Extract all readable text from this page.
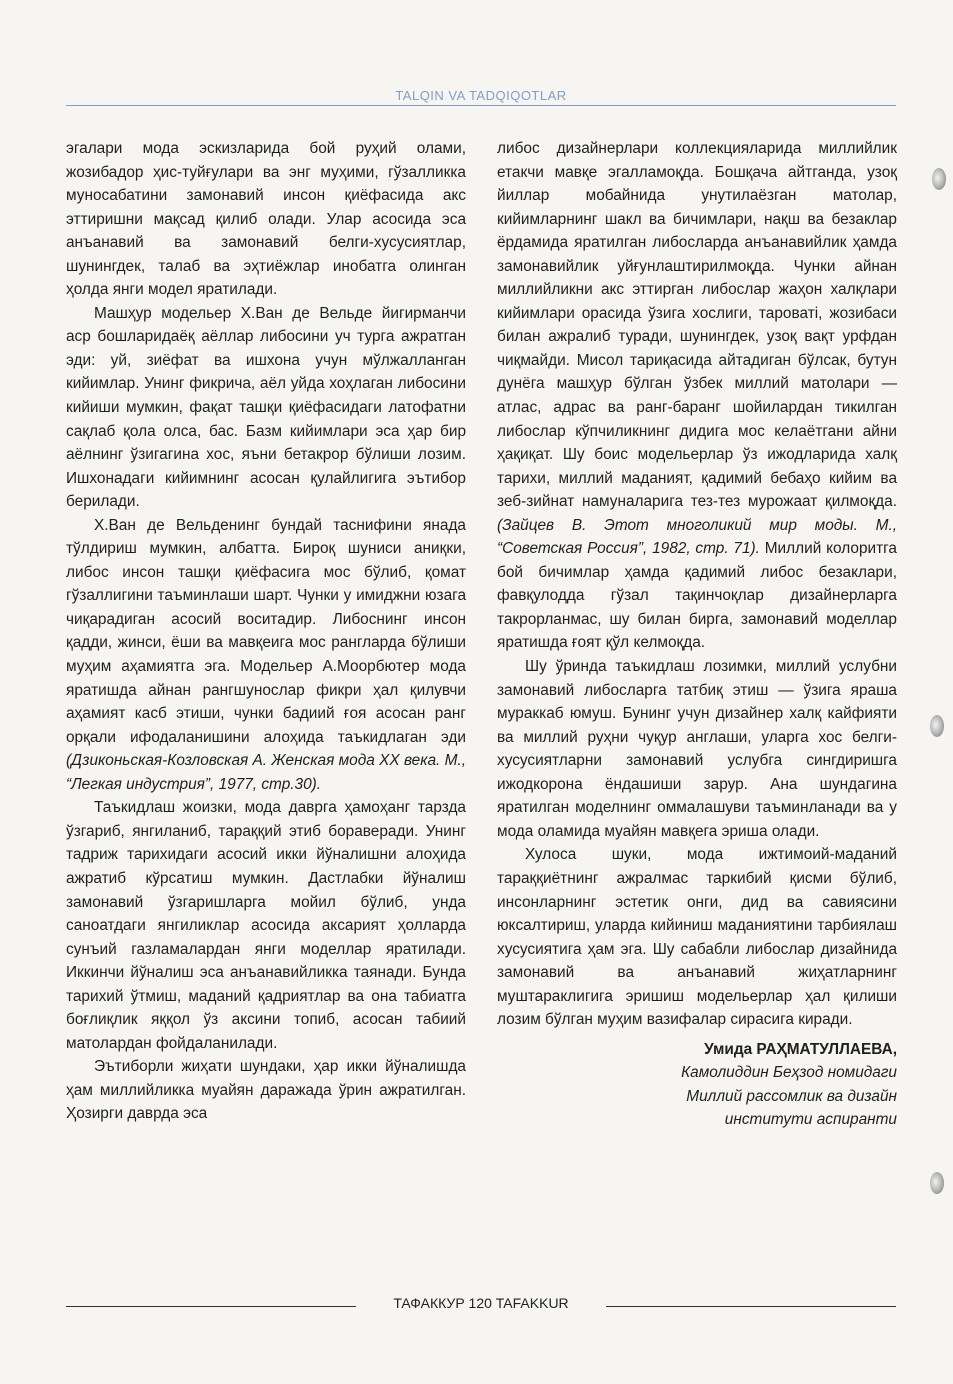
TALQIN VA TADQIQOTLAR

эгалари мода эскизларида бой руҳий олами, жозибадор ҳис-туйғулари ва энг муҳими, гўзалликка муносабатини замонавий инсон қиёфасида акс эттиришни мақсад қилиб олади. Улар асосида эса анъанавий ва замонавий белги-хусусиятлар, шунингдек, талаб ва эҳтиёжлар инобатга олинган ҳолда янги модел яратилади.

Машҳур модельер Х.Ван де Вельде йигирманчи аср бошларидаёқ аёллар либосини уч турга ажратган эди: уй, зиёфат ва ишхона учун мўлжалланган кийимлар. Унинг фикрича, аёл уйда хоҳлаган либосини кийиши мумкин, фақат ташқи қиёфасидаги латофатни сақлаб қола олса, бас. Базм кийимлари эса ҳар бир аёлнинг ўзигагина хос, яъни бетакрор бўлиши лозим. Ишхонадаги кийимнинг асосан қулайлигига эътибор берилади.

Х.Ван де Вельдени‌нг бундай таснифини янада тўлдириш мумкин, албатта. Бироқ шуниси аниқки, либос инсон ташқи қиёфасига мос бўлиб, қомат гўзаллигини таъминлаши шарт. Чунки у имиджни юзага чиқарадиган асосий воситадир. Либоснинг инсон қадди, жинси, ёши ва мавқеига мос рангларда бўлиши муҳим аҳамиятга эга. Модельер А.Моорбютер мода яратишда айнан рангшунослар фикри ҳал қилувчи аҳамият касб этиши, чунки бадиий ғоя асосан ранг орқали ифодаланишини алоҳида таъкидлаган эди (Дзиконьская-Козловская А. Женская мода XX века. М., “Легкая индустрия”, 1977, стр.30).

Таъкидлаш жоизки, мода даврга ҳамоҳанг тарзда ўзгариб, янгиланиб, тараққий этиб бораверади. Унинг тадриж тарихидаги асосий икки йўналишни алоҳида ажратиб кўрсатиш мумкин. Дастлабки йўналиш замонавий ўзгаришларга мойил бўлиб, унда саноатдаги янгиликлар асосида аксарият ҳолларда сунъий газламалардан янги моделлар яратилади. Иккинчи йўналиш эса анъанавийликка таянади. Бунда тарихий ўтмиш, маданий қадриятлар ва она табиатга боғлиқлик яққол ўз аксини топиб, асосан табиий матолардан фойдаланилади.

Эътиборли жиҳати шундаки, ҳар икки йўналишда ҳам миллийликка муайян даражада ўрин ажратилган. Ҳозирги даврда эса

либос дизайнерлари коллекцияларида миллийлик етакчи мавқе эгалламоқда. Бошқача айтганда, узоқ йиллар мобайнида унутилаёзган матолар, кийимларнинг шакл ва бичимлари, нақш ва безаклар ёрдамида яратилган либосларда анъанавийлик ҳамда замонавийлик уйғунлаштирилмоқда. Чунки айнан миллийликни акс эттирган либослар жаҳон халқлари кийимлари орасида ўзига хослиги, тароватi, жозибаси билан ажралиб туради, шунингдек, узоқ вақт урфдан чиқмайди. Мисол тариқасида айтадиган бўлсак, бутун дунёга машҳур бўлган ўзбек миллий матолари — атлас, адрас ва ранг-баранг шойилардан тикилган либослар кўпчиликнинг дидига мос келаётгани айни ҳақиқат. Шу боис модельерлар ўз ижодларида халқ тарихи, миллий маданият, қадимий бебаҳо кийим ва зеб-зийнат намуналарига тез-тез мурожаат қилмоқда. (Зайцев В. Этот многоликий мир моды. М., “Советская Россия”, 1982, стр. 71). Миллий колоритга бой бичимлар ҳамда қадимий либос безаклари, фавқулодда гўзал тақинчоқлар дизайнерларга такрорланмас, шу билан бирга, замонавий моделлар яратишда ғоят қўл келмоқда.

Шу ўринда таъкидлаш лозимки, миллий услубни замонавий либосларга татбиқ этиш — ўзига яраша мураккаб юмуш. Бунинг учун дизайнер халқ кайфияти ва миллий руҳни чуқур англаши, уларга хос белги-хусусиятларни замонавий услубга сингдиришга ижодкорона ёндашиши зарур. Ана шундагина яратилган моделнинг оммалашуви таъминланади ва у мода оламида муайян мавқега эриша олади.

Хулоса шуки, мода ижтимоий-маданий тараққиётнинг ажралмас таркибий қисми бўлиб, инсонларнинг эстетик онги, дид ва савиясини юксалтириш, уларда кийиниш маданиятини тарбиялаш хусусиятига ҳам эга. Шу сабабли либослар дизайнида замонавий ва анъанавий жиҳатларнинг муштараклигига эришиш модельерлар ҳал қилиши лозим бўлган муҳим вазифалар сирасига киради.

Умида РАҲМАТУЛЛАЕВА,
Камолиддин Беҳзод номидаги
Миллий рассомлик ва дизайн
институти аспиранти
ТАФАККУР 120 TAFAKKUR
